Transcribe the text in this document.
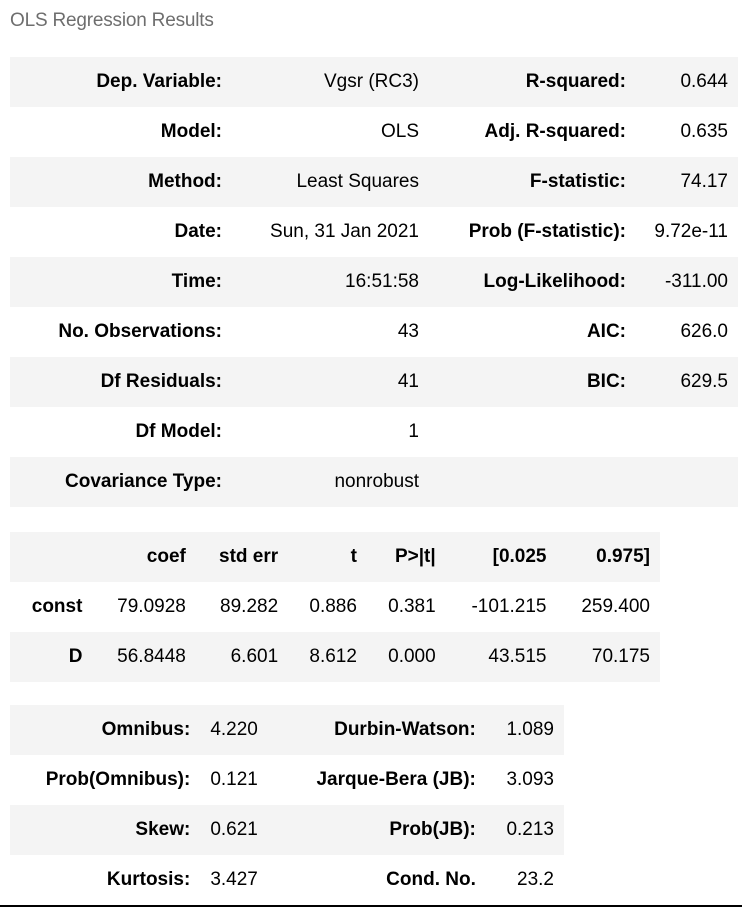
OLS Regression Results
Dep. Variable:	Vgsr (RC3)	R-squared:	0.644
Model:	OLS	Adj. R-squared:	0.635
Method:	Least Squares	F-statistic:	74.17
Date:	Sun, 31 Jan 2021	Prob (F-statistic):	9.72e-11
Time:	16:51:58	Log-Likelihood:	-311.00
No. Observations:	43	AIC:	626.0
Df Residuals:	41	BIC:	629.5
Df Model:	1		
Covariance Type:	nonrobust		
	coef	std err	t	P>|t|	[0.025	0.975]
const	79.0928	89.282	0.886	0.381	-101.215	259.400
D	56.8448	6.601	8.612	0.000	43.515	70.175
Omnibus:	4.220	Durbin-Watson:	1.089
Prob(Omnibus):	0.121	Jarque-Bera (JB):	3.093
Skew:	0.621	Prob(JB):	0.213
Kurtosis:	3.427	Cond. No.	23.2
